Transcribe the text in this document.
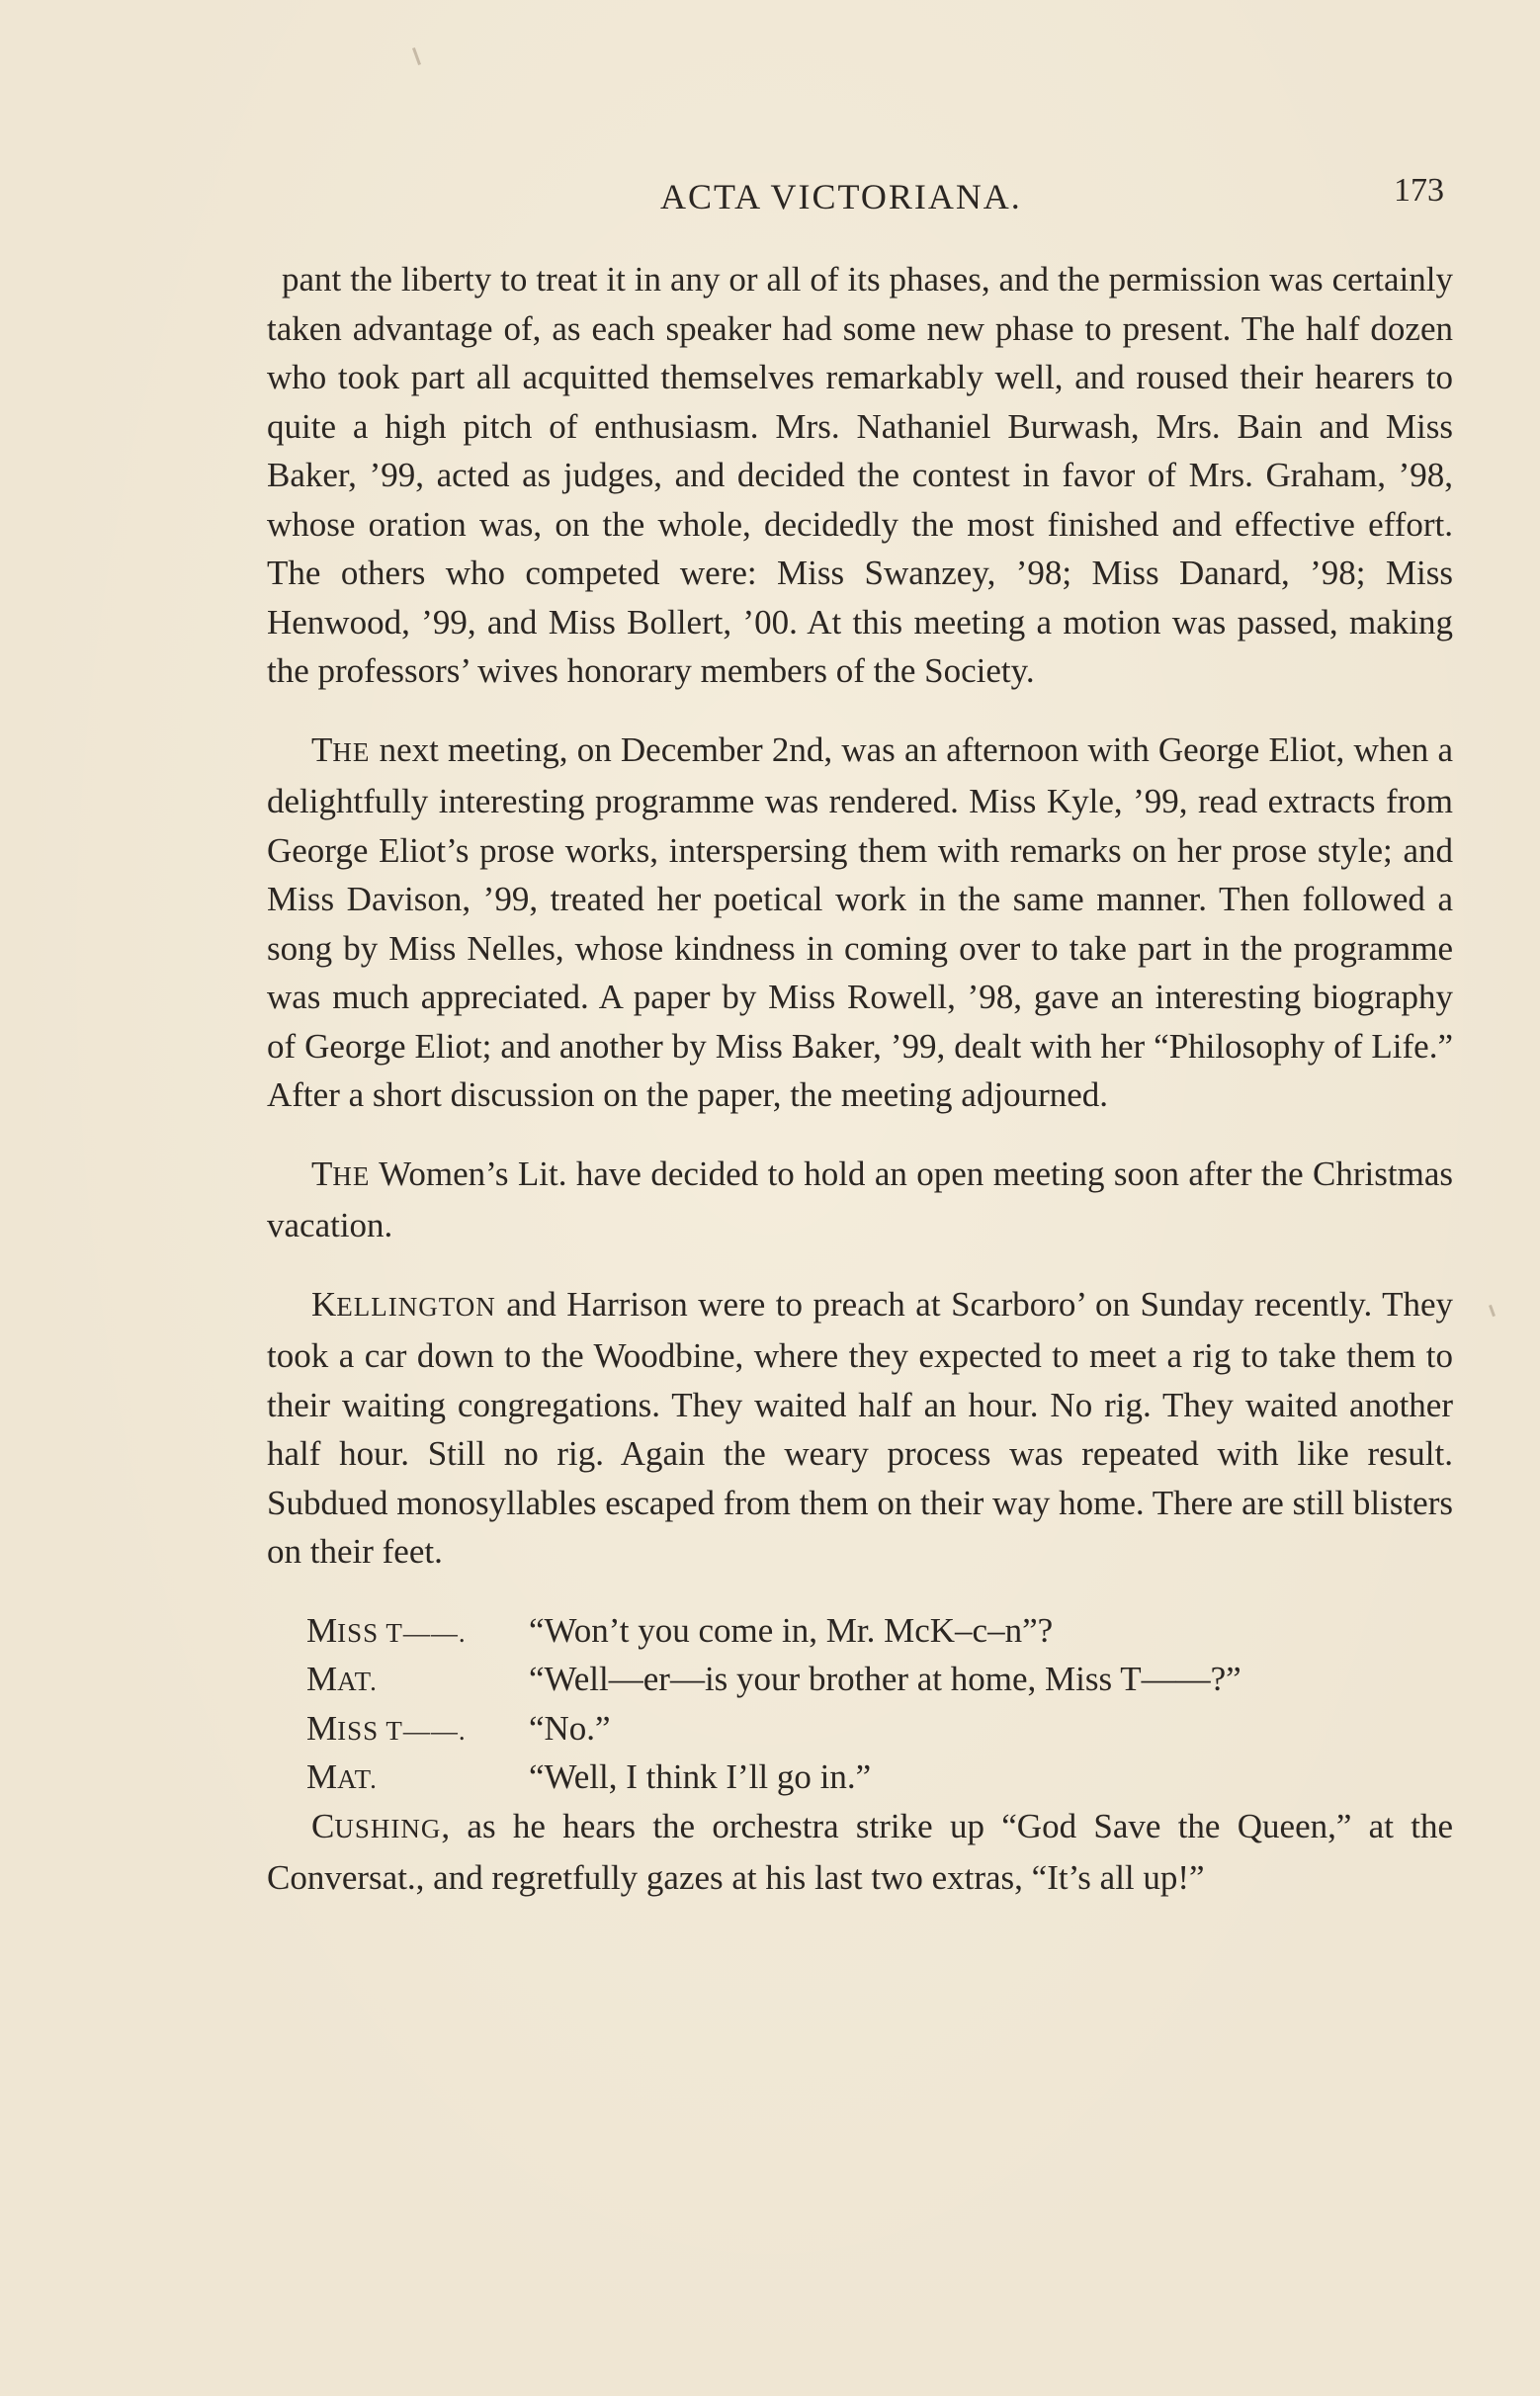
ACTA VICTORIANA.	173

pant the liberty to treat it in any or all of its phases, and the permission was certainly taken advantage of, as each speaker had some new phase to present. The half dozen who took part all acquitted themselves remarkably well, and roused their hearers to quite a high pitch of enthusiasm. Mrs. Nathaniel Burwash, Mrs. Bain and Miss Baker, ’99, acted as judges, and decided the contest in favor of Mrs. Graham, ’98, whose oration was, on the whole, decidedly the most finished and effective effort. The others who competed were: Miss Swanzey, ’98; Miss Danard, ’98; Miss Henwood, ’99, and Miss Bollert, ’00. At this meeting a motion was passed, making the professors’ wives honorary members of the Society.

THE next meeting, on December 2nd, was an afternoon with George Eliot, when a delightfully interesting programme was rendered. Miss Kyle, ’99, read extracts from George Eliot’s prose works, interspersing them with remarks on her prose style; and Miss Davison, ’99, treated her poetical work in the same manner. Then followed a song by Miss Nelles, whose kindness in coming over to take part in the programme was much appreciated. A paper by Miss Rowell, ’98, gave an interesting biography of George Eliot; and another by Miss Baker, ’99, dealt with her “Philosophy of Life.” After a short discussion on the paper, the meeting adjourned.

THE Women’s Lit. have decided to hold an open meeting soon after the Christmas vacation.

KELLINGTON and Harrison were to preach at Scarboro’ on Sunday recently. They took a car down to the Woodbine, where they expected to meet a rig to take them to their waiting congregations. They waited half an hour. No rig. They waited another half hour. Still no rig. Again the weary process was repeated with like result. Subdued monosyllables escaped from them on their way home. There are still blisters on their feet.

MISS T——.	“Won’t you come in, Mr. McK–c–n”?
MAT.	“Well—er—is your brother at home, Miss T——?”
MISS T——.	“No.”
MAT.	“Well, I think I’ll go in.”

CUSHING, as he hears the orchestra strike up “God Save the Queen,” at the Conversat., and regretfully gazes at his last two extras, “It’s all up!”
